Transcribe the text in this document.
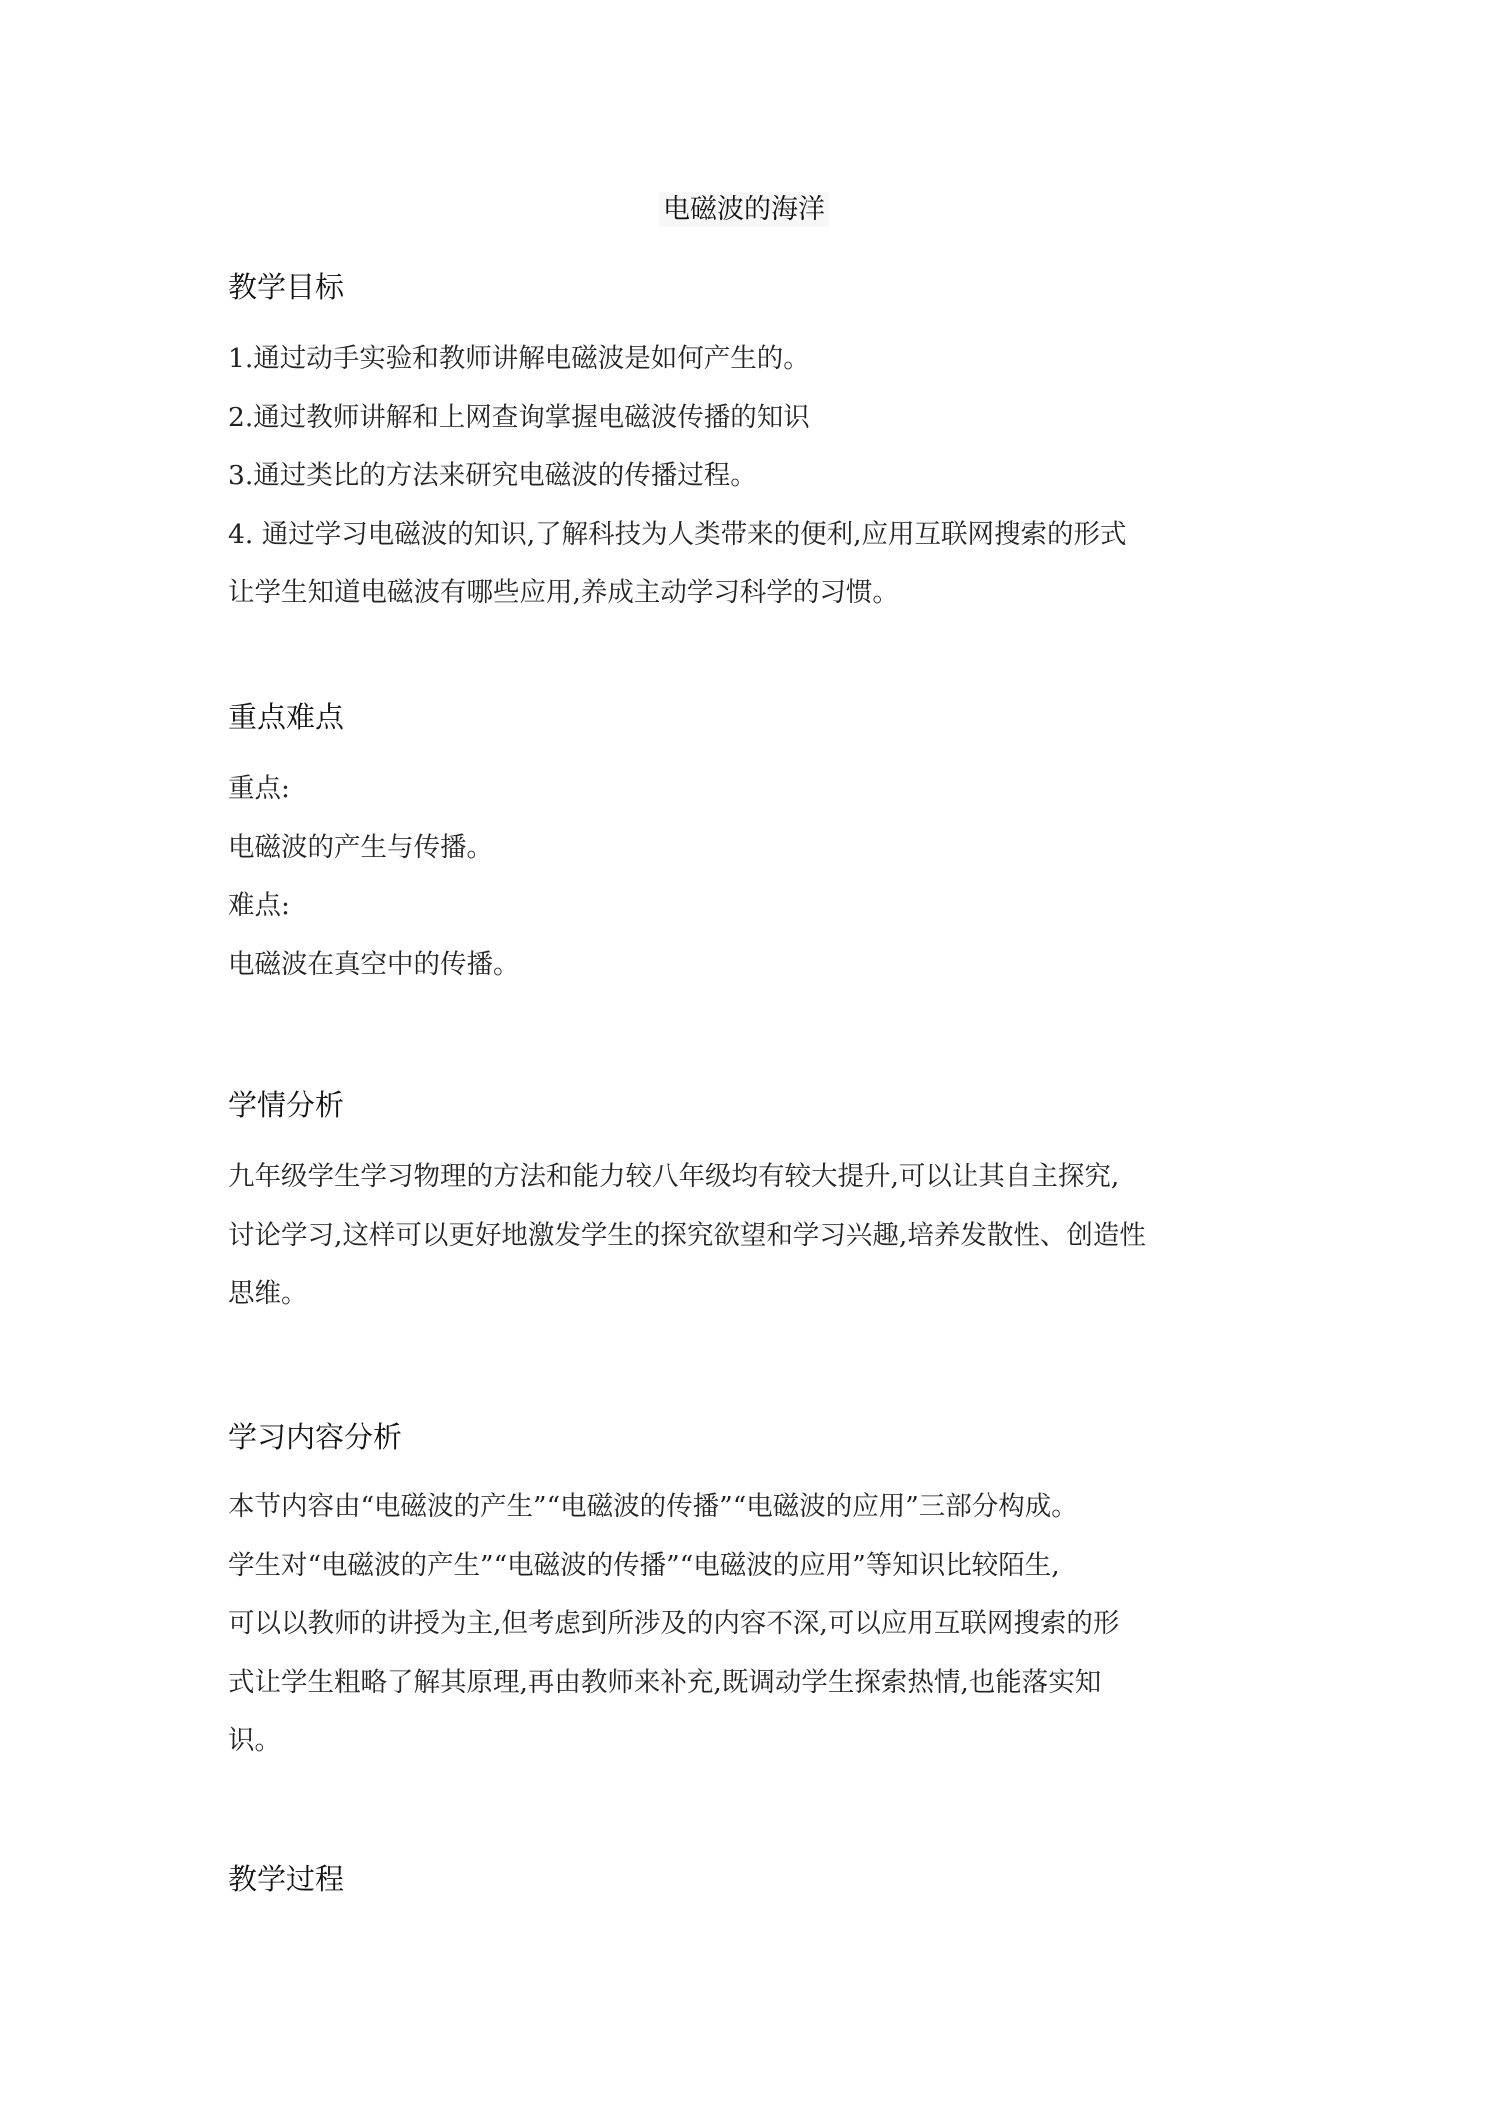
电磁波的海洋
教学目标
1.通过动手实验和教师讲解电磁波是如何产生的。
2.通过教师讲解和上网查询掌握电磁波传播的知识
3.通过类比的方法来研究电磁波的传播过程。
4. 通过学习电磁波的知识,了解科技为人类带来的便利,应用互联网搜索的形式
让学生知道电磁波有哪些应用,养成主动学习科学的习惯。
重点难点
重点:
电磁波的产生与传播。
难点:
电磁波在真空中的传播。
学情分析
九年级学生学习物理的方法和能力较八年级均有较大提升,可以让其自主探究,
讨论学习,这样可以更好地激发学生的探究欲望和学习兴趣,培养发散性、创造性
思维。
学习内容分析
本节内容由“电磁波的产生”“电磁波的传播”“电磁波的应用”三部分构成。
学生对“电磁波的产生”“电磁波的传播”“电磁波的应用”等知识比较陌生,
可以以教师的讲授为主,但考虑到所涉及的内容不深,可以应用互联网搜索的形
式让学生粗略了解其原理,再由教师来补充,既调动学生探索热情,也能落实知
识。
教学过程
